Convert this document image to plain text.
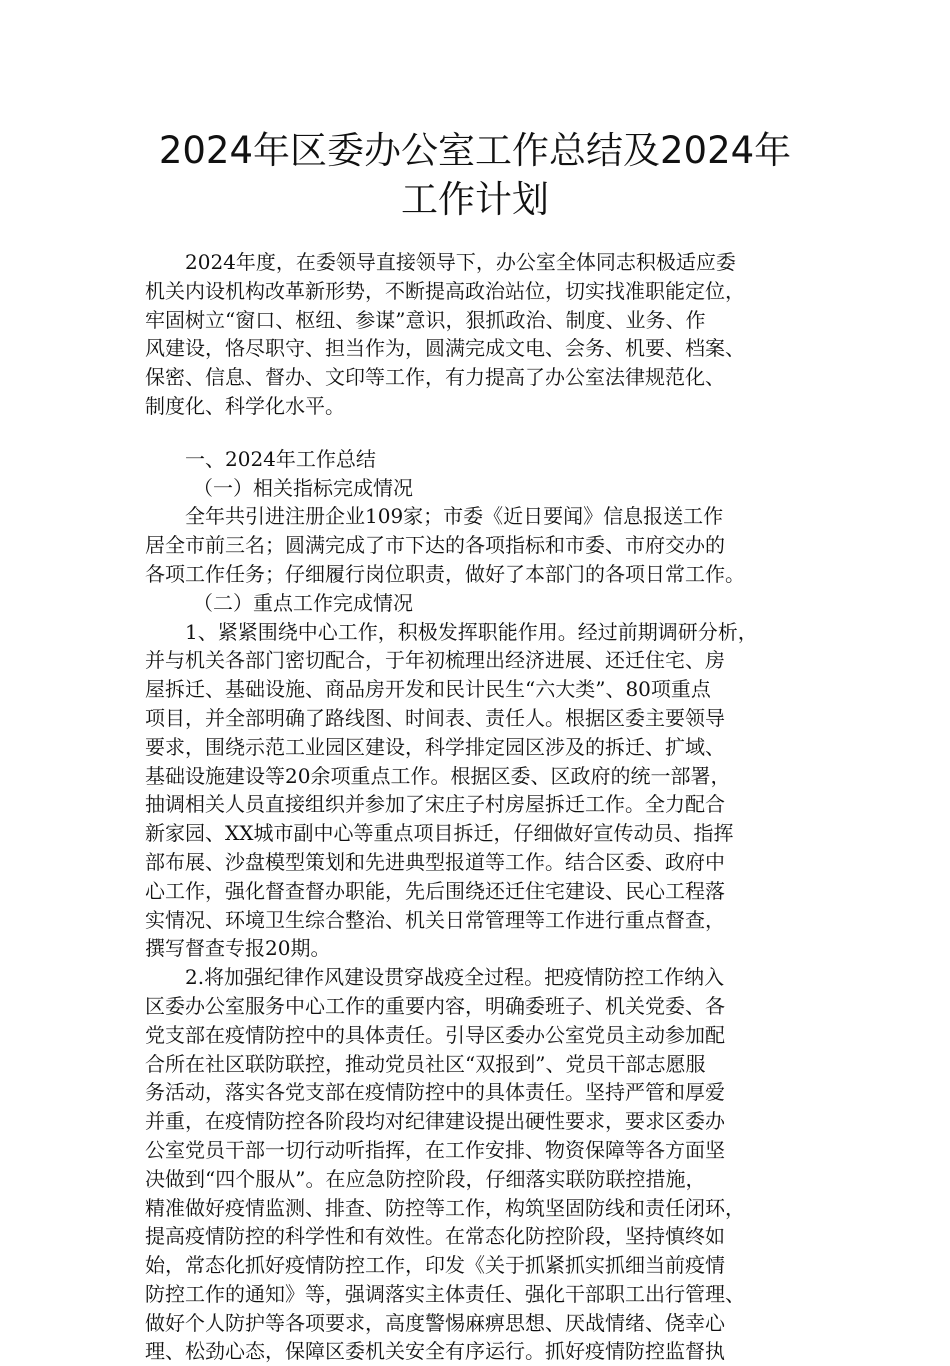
2024年区委办公室工作总结及2024年
工作计划
2024年度，在委领导直接领导下，办公室全体同志积极适应委
机关内设机构改革新形势，不断提高政治站位，切实找准职能定位，
牢固树立“窗口、枢纽、参谋”意识，狠抓政治、制度、业务、作
风建设，恪尽职守、担当作为，圆满完成文电、会务、机要、档案、
保密、信息、督办、文印等工作，有力提高了办公室法律规范化、
制度化、科学化水平。
一、2024年工作总结
（一）相关指标完成情况
全年共引进注册企业109家；市委《近日要闻》信息报送工作
居全市前三名；圆满完成了市下达的各项指标和市委、市府交办的
各项工作任务；仔细履行岗位职责，做好了本部门的各项日常工作。
（二）重点工作完成情况
1、紧紧围绕中心工作，积极发挥职能作用。经过前期调研分析，
并与机关各部门密切配合，于年初梳理出经济进展、还迁住宅、房
屋拆迁、基础设施、商品房开发和民计民生“六大类”、80项重点
项目，并全部明确了路线图、时间表、责任人。根据区委主要领导
要求，围绕示范工业园区建设，科学排定园区涉及的拆迁、扩域、
基础设施建设等20余项重点工作。根据区委、区政府的统一部署，
抽调相关人员直接组织并参加了宋庄子村房屋拆迁工作。全力配合
新家园、XX城市副中心等重点项目拆迁，仔细做好宣传动员、指挥
部布展、沙盘模型策划和先进典型报道等工作。结合区委、政府中
心工作，强化督查督办职能，先后围绕还迁住宅建设、民心工程落
实情况、环境卫生综合整治、机关日常管理等工作进行重点督查，
撰写督查专报20期。
2.将加强纪律作风建设贯穿战疫全过程。把疫情防控工作纳入
区委办公室服务中心工作的重要内容，明确委班子、机关党委、各
党支部在疫情防控中的具体责任。引导区委办公室党员主动参加配
合所在社区联防联控，推动党员社区“双报到”、党员干部志愿服
务活动，落实各党支部在疫情防控中的具体责任。坚持严管和厚爱
并重，在疫情防控各阶段均对纪律建设提出硬性要求，要求区委办
公室党员干部一切行动听指挥，在工作安排、物资保障等各方面坚
决做到“四个服从”。在应急防控阶段，仔细落实联防联控措施，
精准做好疫情监测、排查、防控等工作，构筑坚固防线和责任闭环，
提高疫情防控的科学性和有效性。在常态化防控阶段，坚持慎终如
始，常态化抓好疫情防控工作，印发《关于抓紧抓实抓细当前疫情
防控工作的通知》等，强调落实主体责任、强化干部职工出行管理、
做好个人防护等各项要求，高度警惕麻痹思想、厌战情绪、侥幸心
理、松劲心态，保障区委机关安全有序运行。抓好疫情防控监督执
